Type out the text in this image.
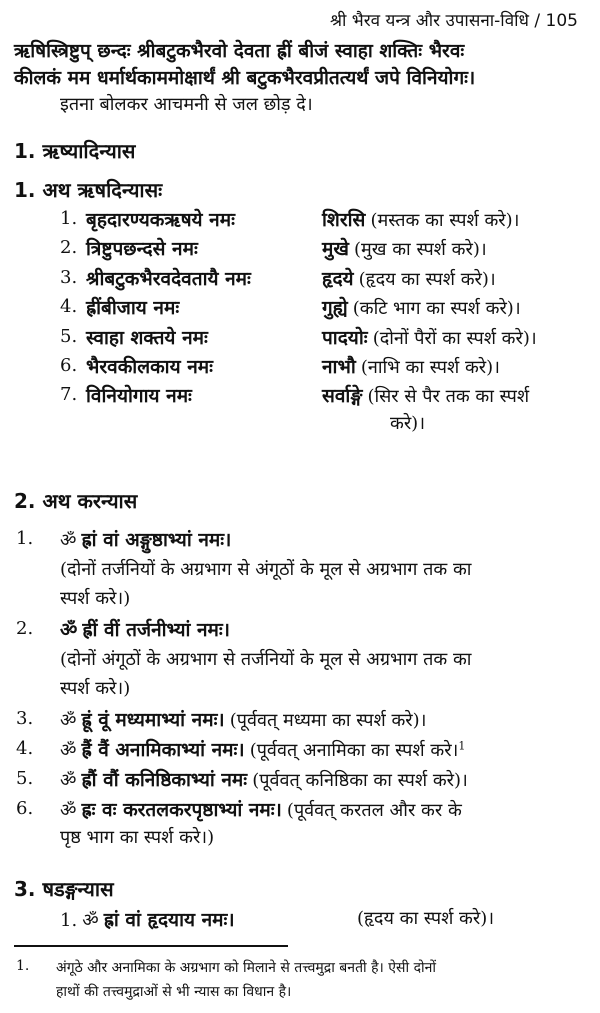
श्री भैरव यन्त्र और उपासना-विधि / 105
ऋषिस्त्रिष्टुप् छन्दः श्रीबटुकभैरवो देवता ह्रीं बीजं स्वाहा शक्तिः भैरवः
कीलकं मम धर्मार्थकाममोक्षार्थं श्री बटुकभैरवप्रीतत्यर्थं जपे विनियोगः।
इतना बोलकर आचमनी से जल छोड़ दे।
1. ऋष्यादिन्यास
1. अथ ऋषदिन्यासः
1. बृहदारण्यकऋषये नमः	शिरसि (मस्तक का स्पर्श करे)।
2. त्रिष्टुपछन्दसे नमः	मुखे (मुख का स्पर्श करे)।
3. श्रीबटुकभैरवदेवतायै नमः	हृदये (हृदय का स्पर्श करे)।
4. ह्रींबीजाय नमः	गुह्ये (कटि भाग का स्पर्श करे)।
5. स्वाहा शक्तये नमः	पादयोः (दोनों पैरों का स्पर्श करे)।
6. भैरवकीलकाय नमः	नाभौ (नाभि का स्पर्श करे)।
7. विनियोगाय नमः	सर्वाङ्गे (सिर से पैर तक का स्पर्श
करे)।
2. अथ करन्यास
1. ॐ ह्रां वां अङ्गुष्ठाभ्यां नमः।
(दोनों तर्जनियों के अग्रभाग से अंगूठों के मूल से अग्रभाग तक का
स्पर्श करे।)
2. ॐ ह्रीं वीं तर्जनीभ्यां नमः।
(दोनों अंगूठों के अग्रभाग से तर्जनियों के मूल से अग्रभाग तक का
स्पर्श करे।)
3. ॐ ह्रूं वूं मध्यमाभ्यां नमः। (पूर्ववत् मध्यमा का स्पर्श करे)।
4. ॐ ह्रैं वैं अनामिकाभ्यां नमः। (पूर्ववत् अनामिका का स्पर्श करे।$^1$
5. ॐ ह्रौं वौं कनिष्ठिकाभ्यां नमः (पूर्ववत् कनिष्ठिका का स्पर्श करे)।
6. ॐ ह्रः वः करतलकरपृष्ठाभ्यां नमः। (पूर्ववत् करतल और कर के
पृष्ठ भाग का स्पर्श करे।)
3. षडङ्गन्यास
1. ॐ ह्रां वां हृदयाय नमः।	(हृदय का स्पर्श करे)।
1. अंगूठे और अनामिका के अग्रभाग को मिलाने से तत्त्वमुद्रा बनती है। ऐसी दोनों
हाथों की तत्त्वमुद्राओं से भी न्यास का विधान है।
